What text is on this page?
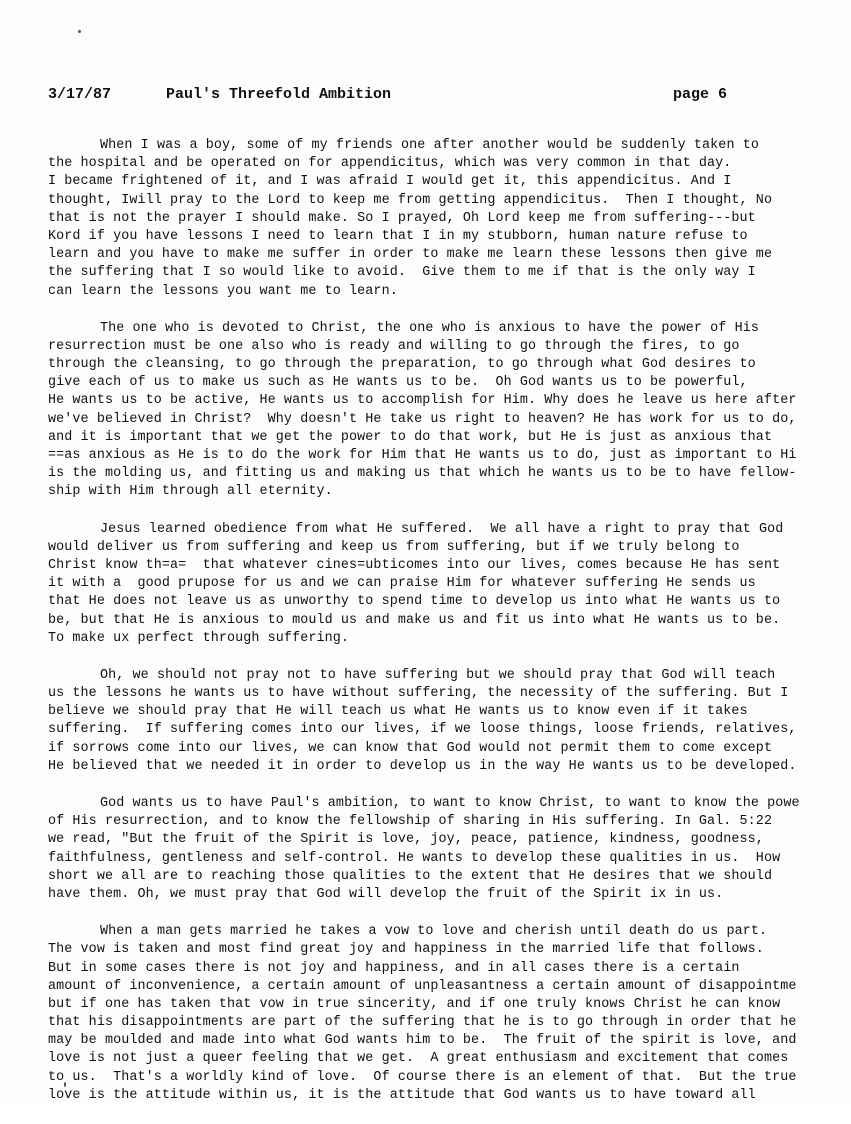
3/17/87	Paul's Threefold Ambition	page 6
When I was a boy, some of my friends one after another would be suddenly taken to
the hospital and be operated on for appendicitus, which was very common in that day.
I became frightened of it, and I was afraid I would get it, this appendicitus. And I
thought, Iwill pray to the Lord to keep me from getting appendicitus.  Then I thought, No
that is not the prayer I should make. So I prayed, Oh Lord keep me from suffering---but
Kord if you have lessons I need to learn that I in my stubborn, human nature refuse to
learn and you have to make me suffer in order to make me learn these lessons then give me
the suffering that I so would like to avoid.  Give them to me if that is the only way I
can learn the lessons you want me to learn.
The one who is devoted to Christ, the one who is anxious to have the power of His
resurrection must be one also who is ready and willing to go through the fires, to go
through the cleansing, to go through the preparation, to go through what God desires to
give each of us to make us such as He wants us to be.  Oh God wants us to be powerful,
He wants us to be active, He wants us to accomplish for Him. Why does he leave us here after
we've believed in Christ?  Why doesn't He take us right to heaven? He has work for us to do,
and it is important that we get the power to do that work, but He is just as anxious that
==as anxious as He is to do the work for Him that He wants us to do, just as important to Hi
is the molding us, and fitting us and making us that which he wants us to be to have fellow-
ship with Him through all eternity.
Jesus learned obedience from what He suffered.  We all have a right to pray that God
would deliver us from suffering and keep us from suffering, but if we truly belong to
Christ know th=a=  that whatever cines=ubticomes into our lives, comes because He has sent
it with a  good prupose for us and we can praise Him for whatever suffering He sends us
that He does not leave us as unworthy to spend time to develop us into what He wants us to
be, but that He is anxious to mould us and make us and fit us into what He wants us to be.
To make ux perfect through suffering.
Oh, we should not pray not to have suffering but we should pray that God will teach
us the lessons he wants us to have without suffering, the necessity of the suffering. But I
believe we should pray that He will teach us what He wants us to know even if it takes
suffering.  If suffering comes into our lives, if we loose things, loose friends, relatives,
if sorrows come into our lives, we can know that God would not permit them to come except
He believed that we needed it in order to develop us in the way He wants us to be developed.
God wants us to have Paul's ambition, to want to know Christ, to want to know the powe
of His resurrection, and to know the fellowship of sharing in His suffering. In Gal. 5:22
we read, "But the fruit of the Spirit is love, joy, peace, patience, kindness, goodness,
faithfulness, gentleness and self-control. He wants to develop these qualities in us.  How
short we all are to reaching those qualities to the extent that He desires that we should
have them. Oh, we must pray that God will develop the fruit of the Spirit ix in us.
When a man gets married he takes a vow to love and cherish until death do us part.
The vow is taken and most find great joy and happiness in the married life that follows.
But in some cases there is not joy and happiness, and in all cases there is a certain
amount of inconvenience, a certain amount of unpleasantness a certain amount of disappointme
but if one has taken that vow in true sincerity, and if one truly knows Christ he can know
that his disappointments are part of the suffering that he is to go through in order that he
may be moulded and made into what God wants him to be.  The fruit of the spirit is love, and
love is not just a queer feeling that we get.  A great enthusiasm and excitement that comes
to us.  That's a worldly kind of love.  Of course there is an element of that.  But the true
love is the attitude within us, it is the attitude that God wants us to have toward all
